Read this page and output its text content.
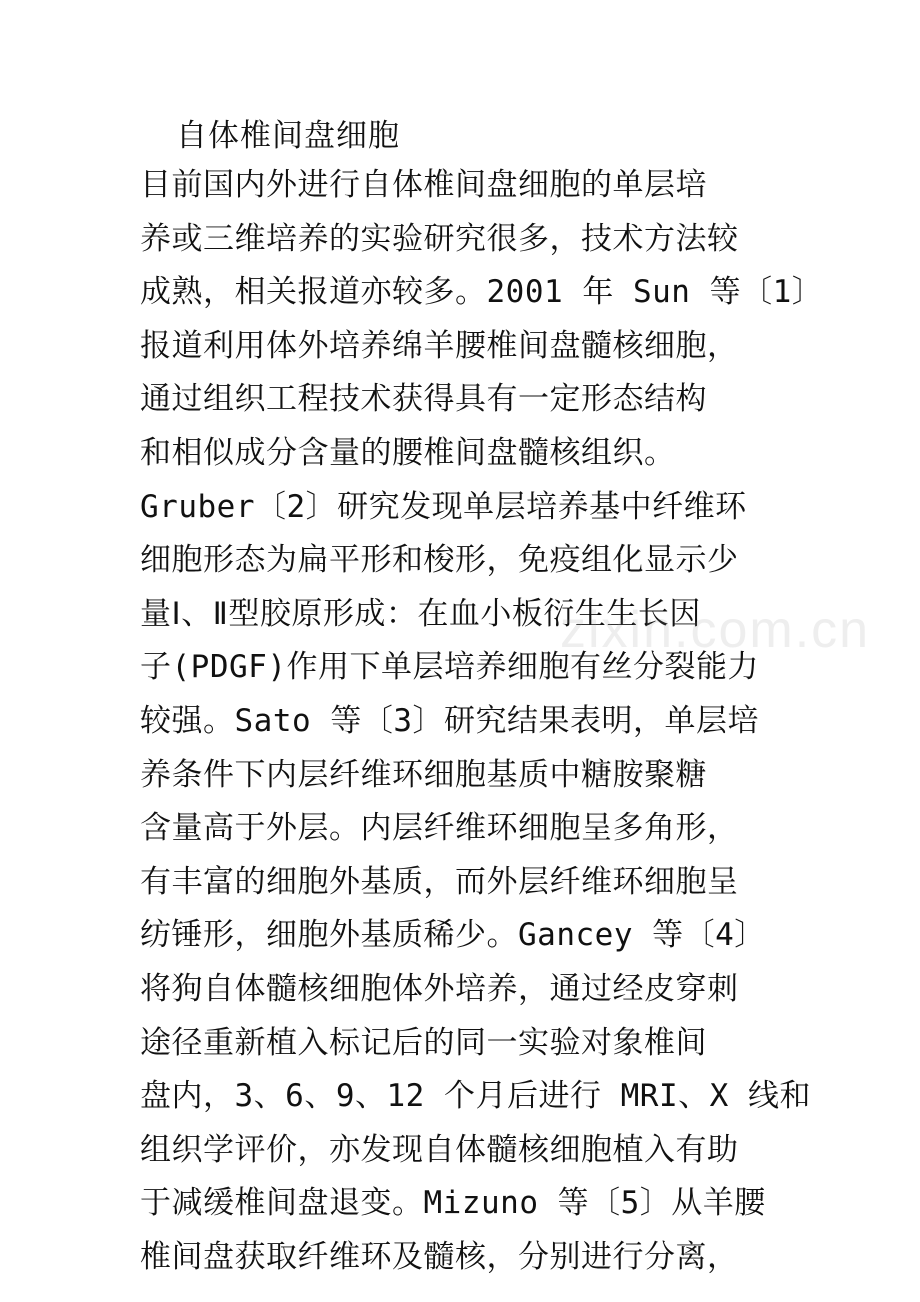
自体椎间盘细胞
目前国内外进行自体椎间盘细胞的单层培
养或三维培养的实验研究很多，技术方法较
成熟，相关报道亦较多。2001 年 Sun 等〔1〕
报道利用体外培养绵羊腰椎间盘髓核细胞，
通过组织工程技术获得具有一定形态结构
和相似成分含量的腰椎间盘髓核组织。
Gruber〔2〕研究发现单层培养基中纤维环
细胞形态为扁平形和梭形，免疫组化显示少
量Ⅰ、Ⅱ型胶原形成：在血小板衍生生长因
子(PDGF)作用下单层培养细胞有丝分裂能力
较强。Sato 等〔3〕研究结果表明，单层培
养条件下内层纤维环细胞基质中糖胺聚糖
含量高于外层。内层纤维环细胞呈多角形，
有丰富的细胞外基质，而外层纤维环细胞呈
纺锤形，细胞外基质稀少。Gancey 等〔4〕
将狗自体髓核细胞体外培养，通过经皮穿刺
途径重新植入标记后的同一实验对象椎间
盘内，3、6、9、12 个月后进行 MRI、X 线和
组织学评价，亦发现自体髓核细胞植入有助
于减缓椎间盘退变。Mizuno 等〔5〕从羊腰
椎间盘获取纤维环及髓核，分别进行分离，
zixin.com.cn
